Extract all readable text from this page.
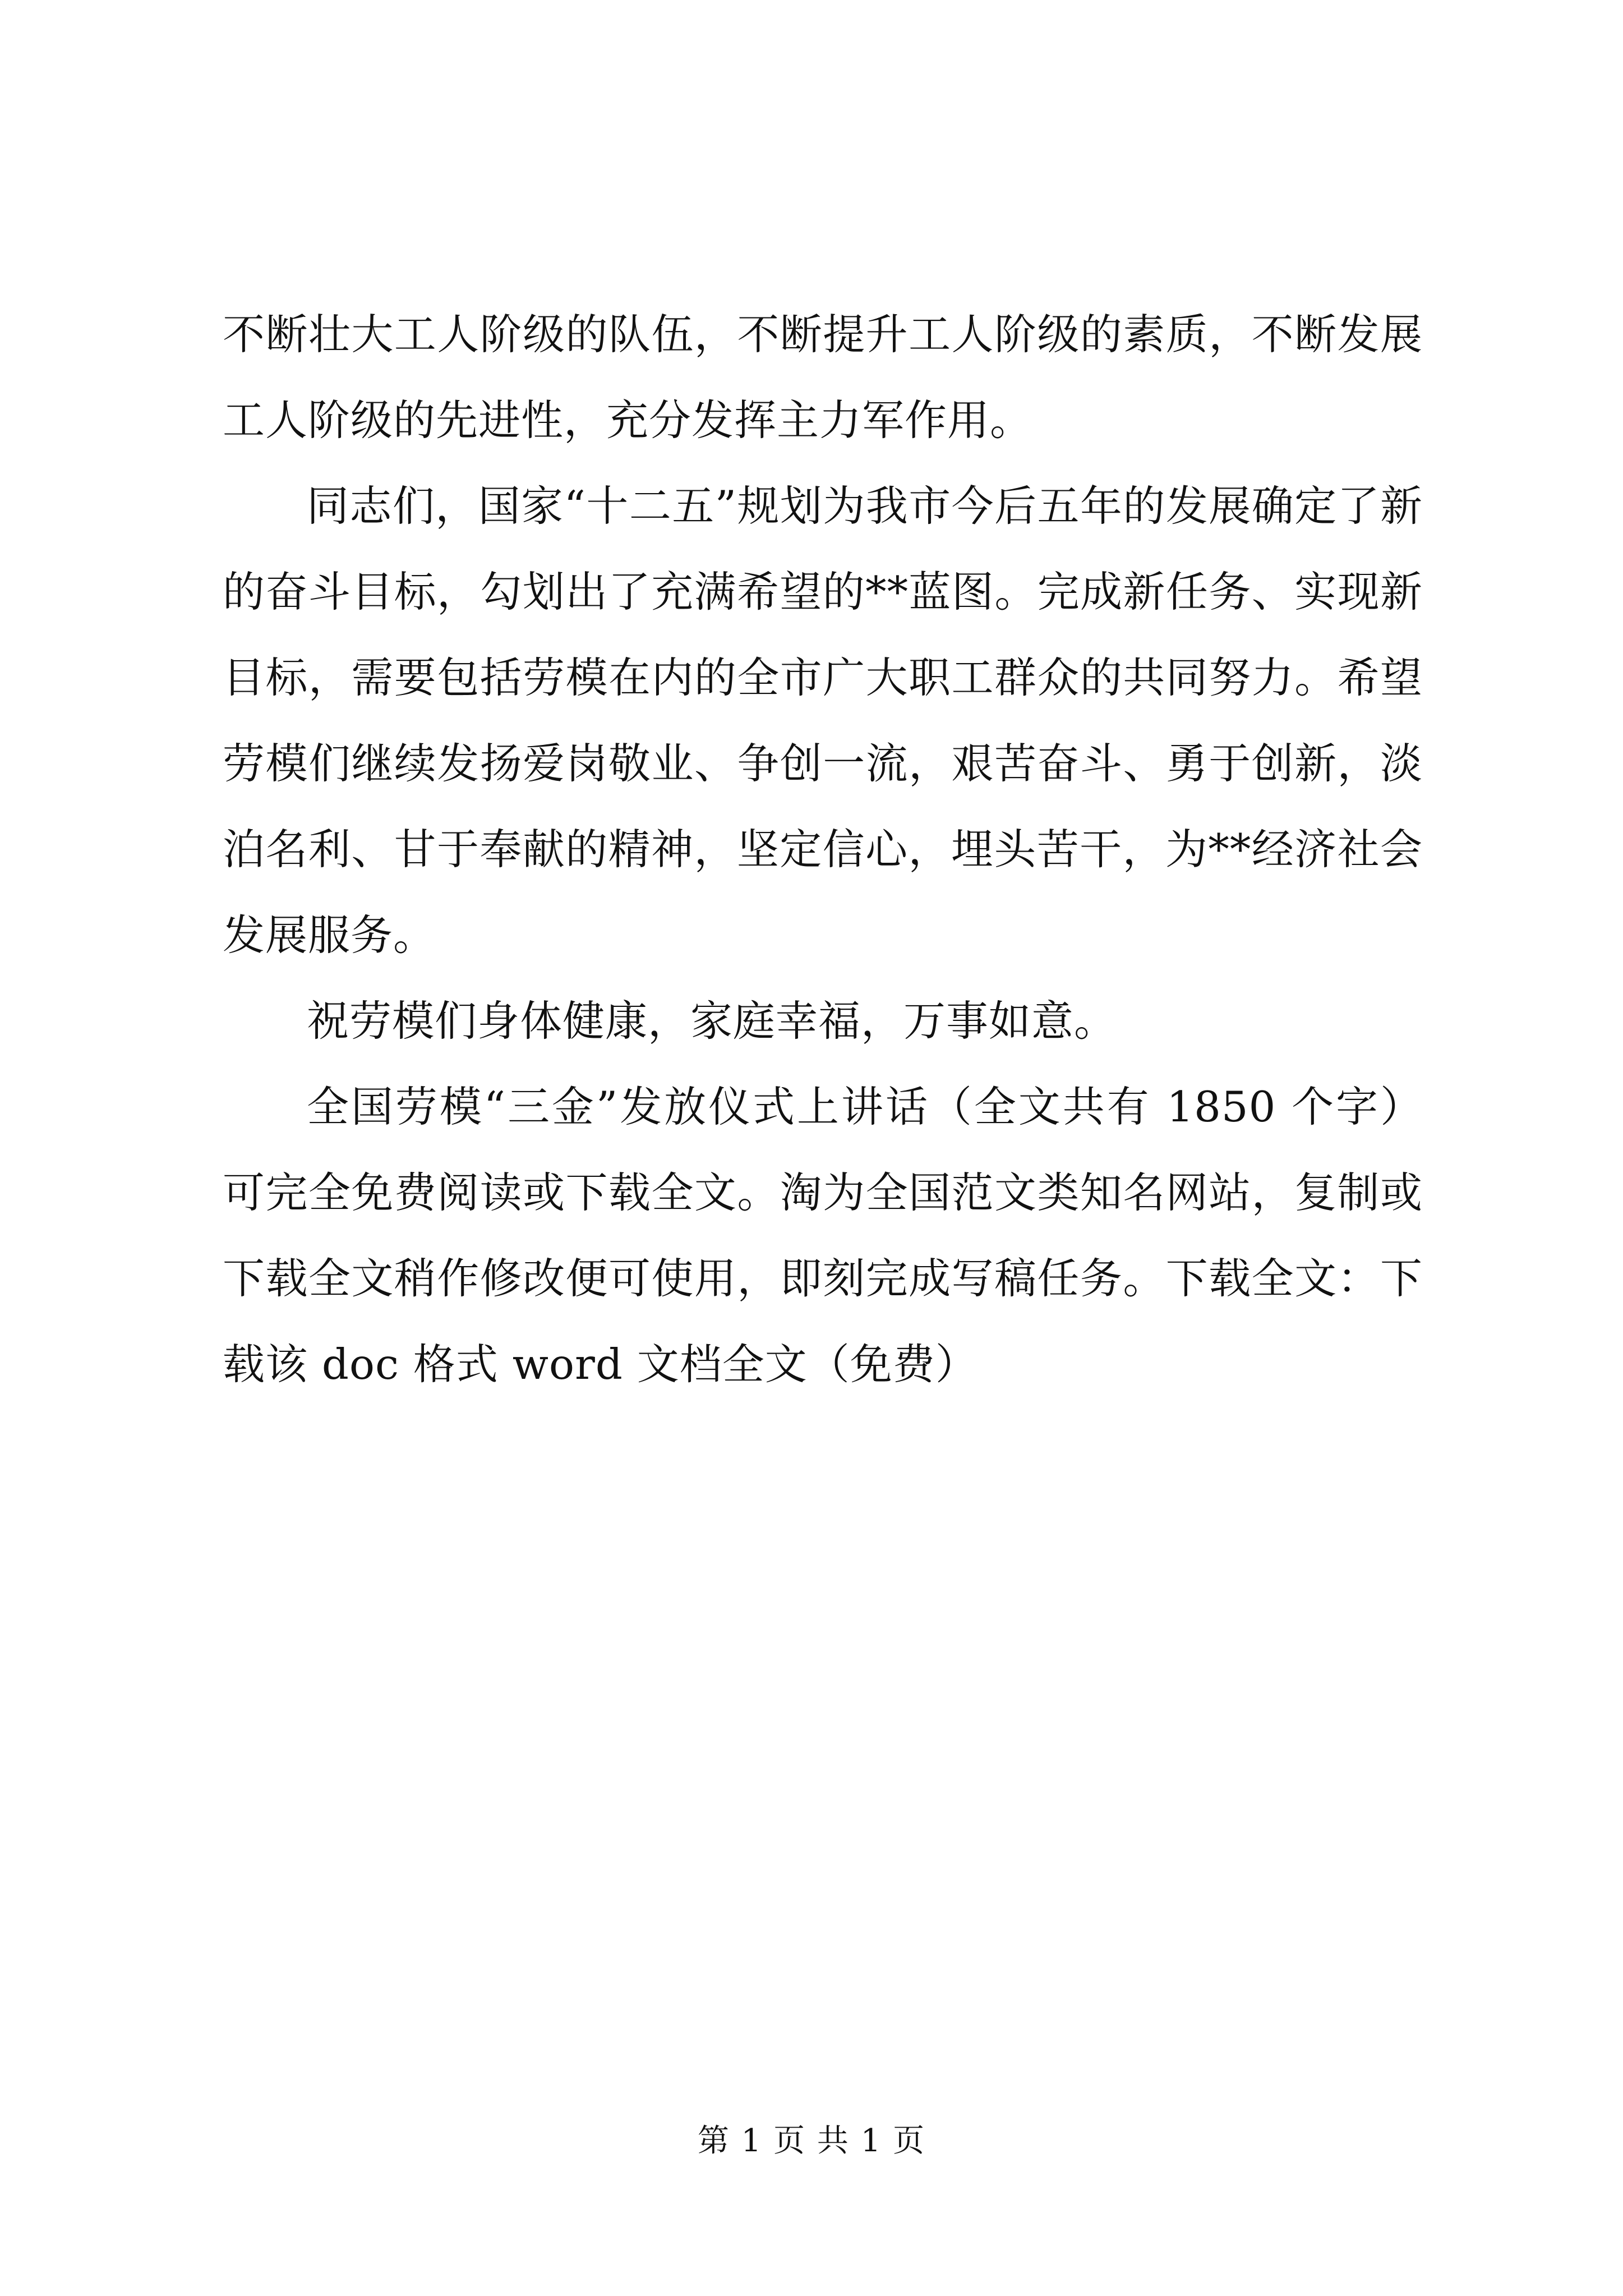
不断壮大工人阶级的队伍，不断提升工人阶级的素质，不断发展工人阶级的先进性，充分发挥主力军作用。

同志们，国家“十二五”规划为我市今后五年的发展确定了新的奋斗目标，勾划出了充满希望的**蓝图。完成新任务、实现新目标，需要包括劳模在内的全市广大职工群众的共同努力。希望劳模们继续发扬爱岗敬业、争创一流，艰苦奋斗、勇于创新，淡泊名利、甘于奉献的精神，坚定信心，埋头苦干，为**经济社会发展服务。

祝劳模们身体健康，家庭幸福，万事如意。

全国劳模“三金”发放仪式上讲话（全文共有 1850 个字）可完全免费阅读或下载全文。淘为全国范文类知名网站，复制或下载全文稍作修改便可使用，即刻完成写稿任务。下载全文：下载该 doc 格式 word 文档全文（免费）

第 1 页 共 1 页
